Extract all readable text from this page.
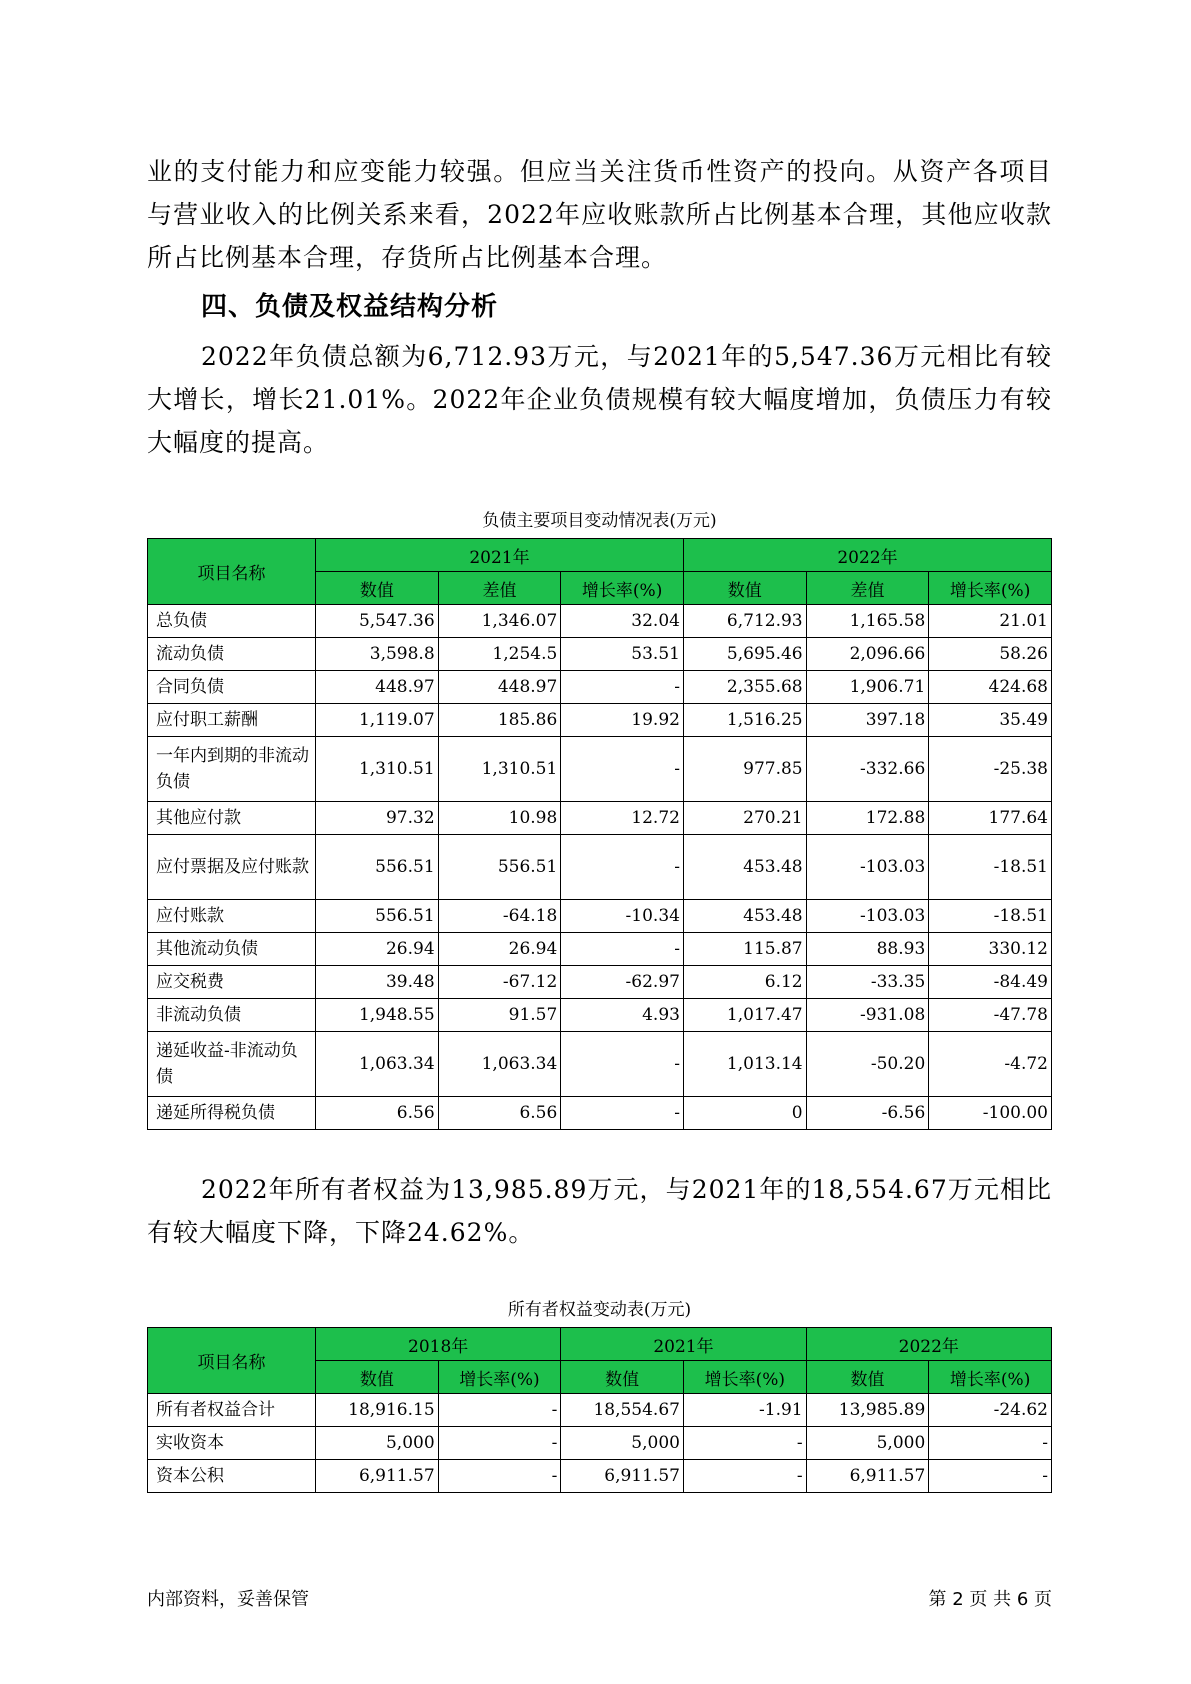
业的支付能力和应变能力较强。但应当关注货币性资产的投向。从资产各项目与营业收入的比例关系来看，2022年应收账款所占比例基本合理，其他应收款所占比例基本合理，存货所占比例基本合理。

四、负债及权益结构分析

2022年负债总额为6,712.93万元，与2021年的5,547.36万元相比有较大增长，增长21.01%。2022年企业负债规模有较大幅度增加，负债压力有较大幅度的提高。

负债主要项目变动情况表(万元)

项目名称	2021年			2022年		
	数值	差值	增长率(%)	数值	差值	增长率(%)
总负债	5,547.36	1,346.07	32.04	6,712.93	1,165.58	21.01
流动负债	3,598.8	1,254.5	53.51	5,695.46	2,096.66	58.26
合同负债	448.97	448.97	-	2,355.68	1,906.71	424.68
应付职工薪酬	1,119.07	185.86	19.92	1,516.25	397.18	35.49
一年内到期的非流动负债	1,310.51	1,310.51	-	977.85	-332.66	-25.38
其他应付款	97.32	10.98	12.72	270.21	172.88	177.64
应付票据及应付账款	556.51	556.51	-	453.48	-103.03	-18.51
应付账款	556.51	-64.18	-10.34	453.48	-103.03	-18.51
其他流动负债	26.94	26.94	-	115.87	88.93	330.12
应交税费	39.48	-67.12	-62.97	6.12	-33.35	-84.49
非流动负债	1,948.55	91.57	4.93	1,017.47	-931.08	-47.78
递延收益-非流动负债	1,063.34	1,063.34	-	1,013.14	-50.20	-4.72
递延所得税负债	6.56	6.56	-	0	-6.56	-100.00

2022年所有者权益为13,985.89万元，与2021年的18,554.67万元相比有较大幅度下降，下降24.62%。

所有者权益变动表(万元)

项目名称	2018年		2021年		2022年	
	数值	增长率(%)	数值	增长率(%)	数值	增长率(%)
所有者权益合计	18,916.15	-	18,554.67	-1.91	13,985.89	-24.62
实收资本	5,000	-	5,000	-	5,000	-
资本公积	6,911.57	-	6,911.57	-	6,911.57	-
内部资料，妥善保管	第 2 页 共 6 页
